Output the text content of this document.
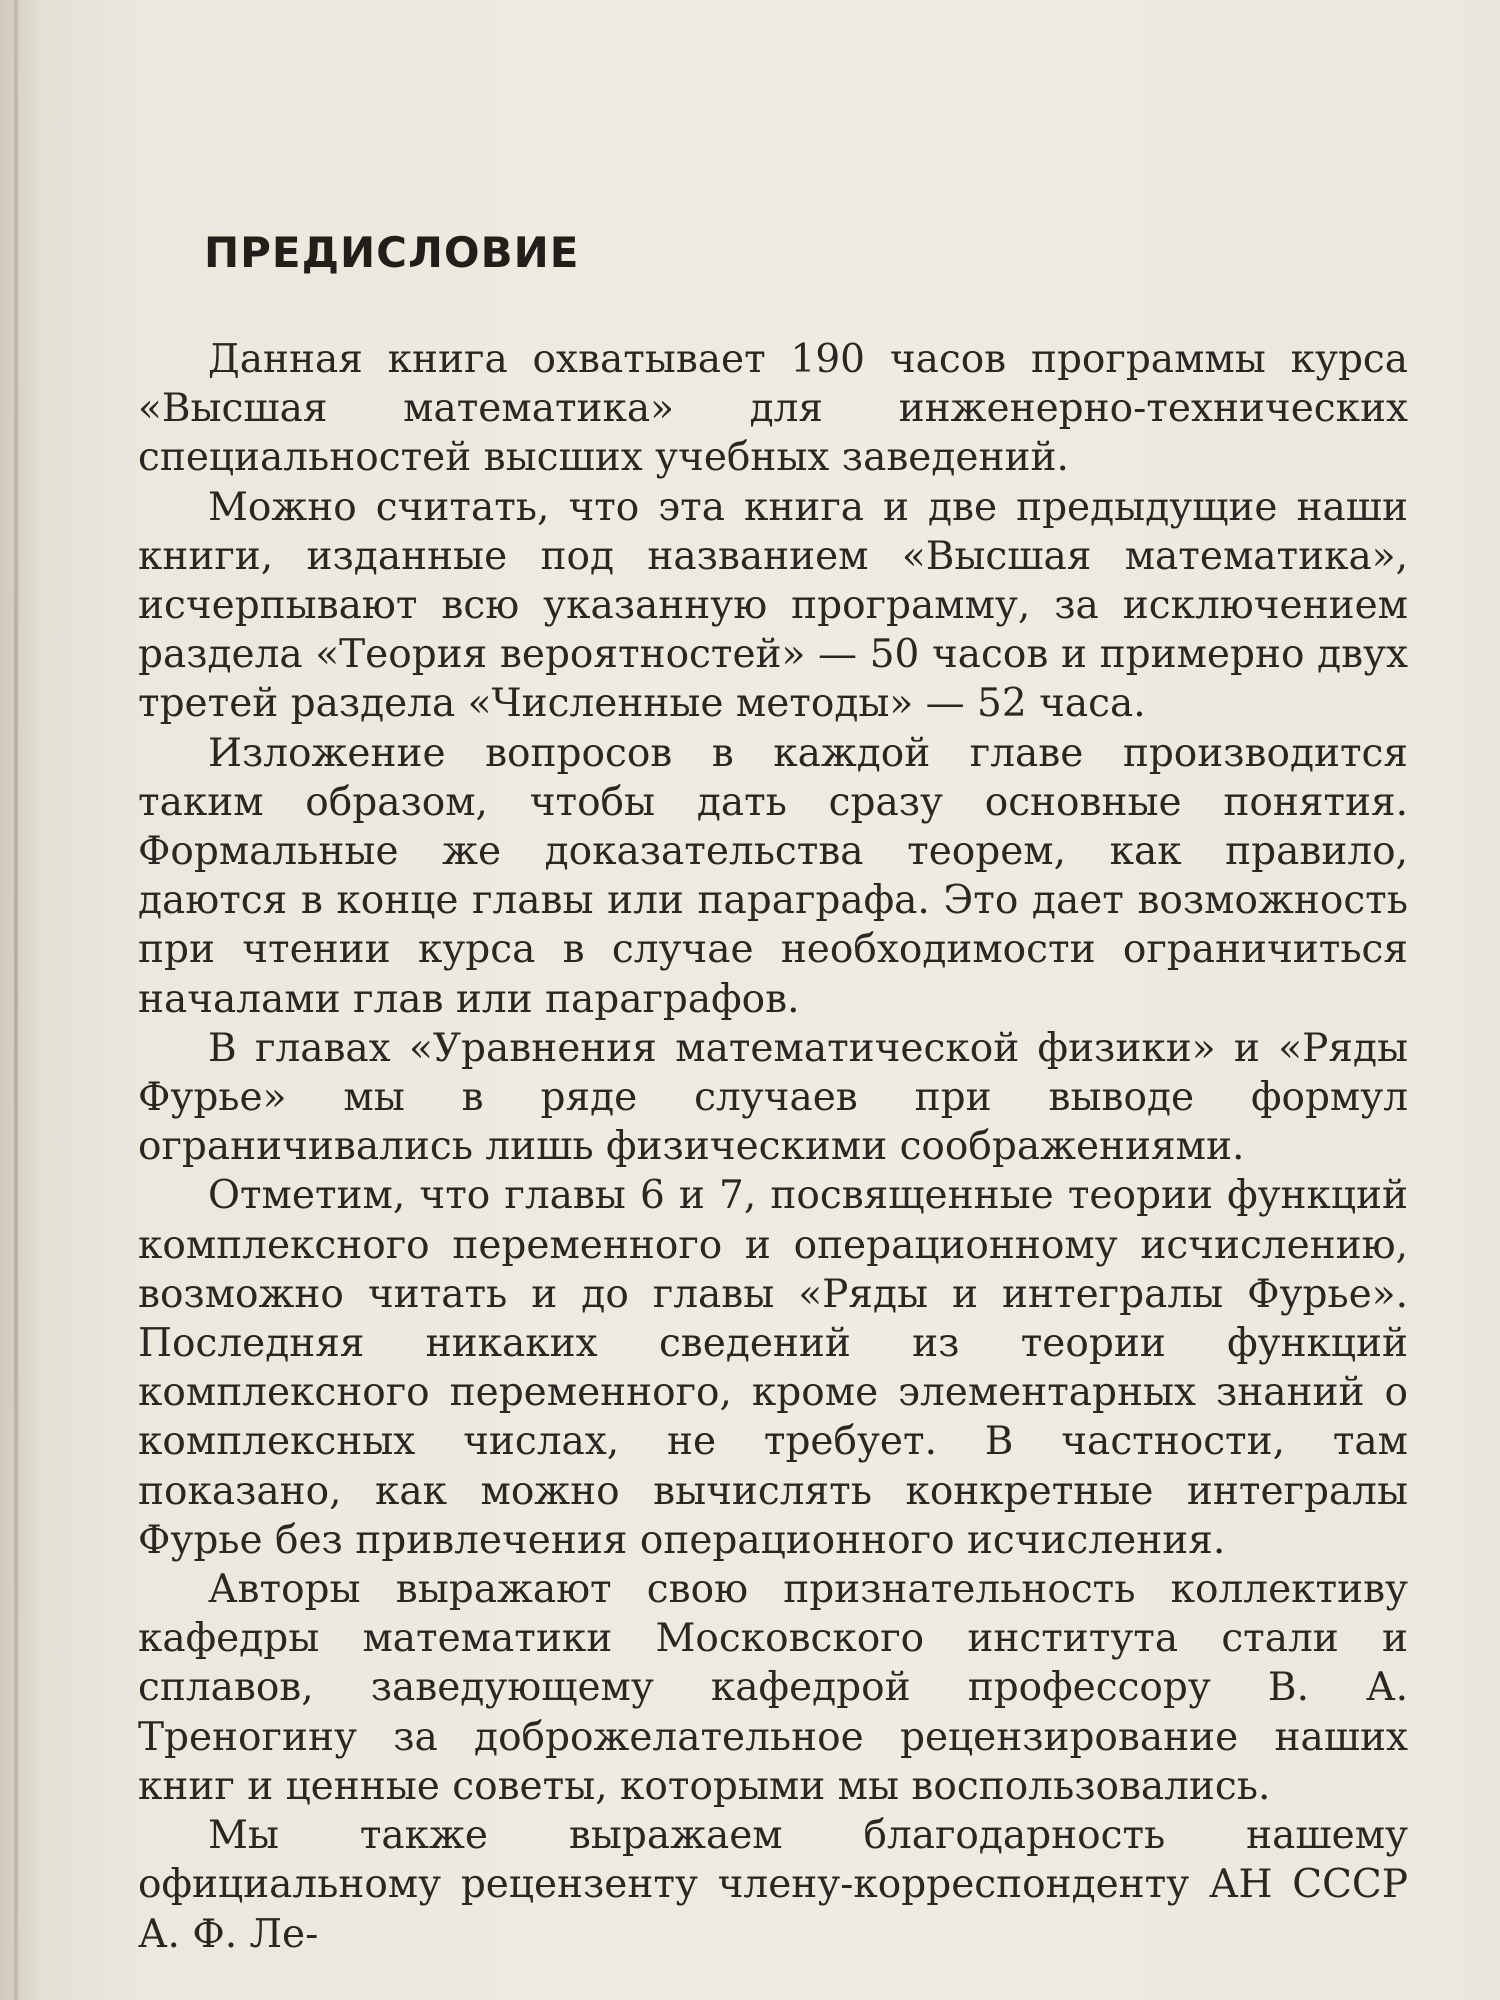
ПРЕДИСЛОВИЕ

Данная книга охватывает 190 часов программы курса «Высшая математика» для инженерно-технических специальностей высших учебных заведений.

Можно считать, что эта книга и две предыдущие наши книги, изданные под названием «Высшая математика», исчерпывают всю указанную программу, за исключением раздела «Теория вероятностей» — 50 часов и примерно двух третей раздела «Численные методы» — 52 часа.

Изложение вопросов в каждой главе производится таким образом, чтобы дать сразу основные понятия. Формальные же доказательства теорем, как правило, даются в конце главы или параграфа. Это дает возможность при чтении курса в случае необходимости ограничиться началами глав или параграфов.

В главах «Уравнения математической физики» и «Ряды Фурье» мы в ряде случаев при выводе формул ограничивались лишь физическими соображениями.

Отметим, что главы 6 и 7, посвященные теории функций комплексного переменного и операционному исчислению, возможно читать и до главы «Ряды и интегралы Фурье». Последняя никаких сведений из теории функций комплексного переменного, кроме элементарных знаний о комплексных числах, не требует. В частности, там показано, как можно вычислять конкретные интегралы Фурье без привлечения операционного исчисления.

Авторы выражают свою признательность коллективу кафедры математики Московского института стали и сплавов, заведующему кафедрой профессору В. А. Треногину за доброжелательное рецензирование наших книг и ценные советы, которыми мы воспользовались.

Мы также выражаем благодарность нашему официальному рецензенту члену-корреспонденту АН СССР А. Ф. Ле-
